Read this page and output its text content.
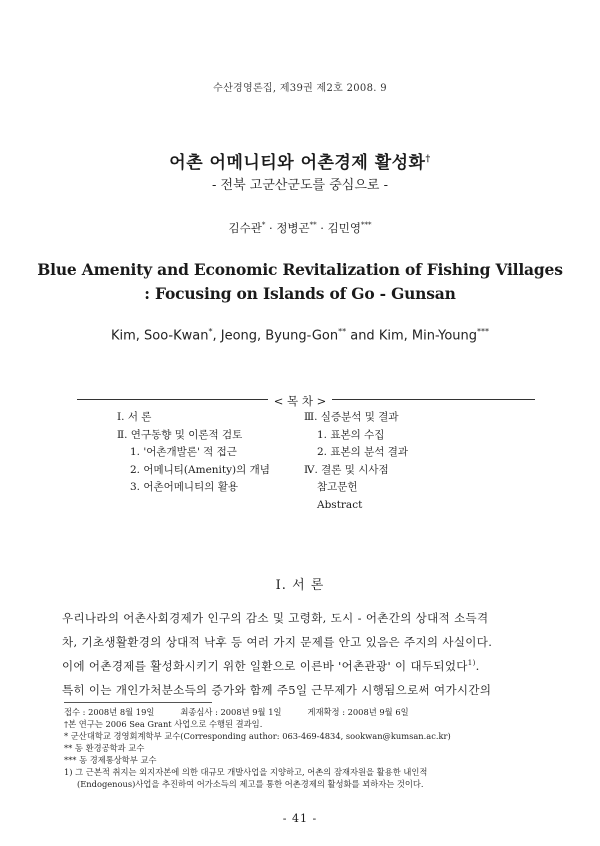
수산경영론집, 제39권 제2호 2008. 9
어촌 어메니티와 어촌경제 활성화†
- 전북 고군산군도를 중심으로 -
김수관* · 정병곤** · 김민영***
Blue Amenity and Economic Revitalization of Fishing Villages
: Focusing on Islands of Go - Gunsan
Kim, Soo-Kwan*, Jeong, Byung-Gon** and Kim, Min-Young***
< 목 차 >
Ⅰ. 서 론
Ⅱ. 연구동향 및 이론적 검토
1. '어촌개발론' 적 접근
2. 어메니티(Amenity)의 개념
3. 어촌어메니티의 활용
Ⅲ. 실증분석 및 결과
1. 표본의 수집
2. 표본의 분석 결과
Ⅳ. 결론 및 시사점
참고문헌
Abstract
Ⅰ. 서 론
우리나라의 어촌사회경제가 인구의 감소 및 고령화, 도시 - 어촌간의 상대적 소득격
차, 기초생활환경의 상대적 낙후 등 여러 가지 문제를 안고 있음은 주지의 사실이다.
이에 어촌경제를 활성화시키기 위한 일환으로 이른바 '어촌관광' 이 대두되었다$^{1)}$.
특히 이는 개인가처분소득의 증가와 함께 주5일 근무제가 시행됨으로써 여가시간의
접수 : 2008년 8월 19일	최종심사 : 2008년 9월 1일	게재확정 : 2008년 9월 6일
†본 연구는 2006 Sea Grant 사업으로 수행된 결과임.
* 군산대학교 경영회계학부 교수(Corresponding author: 063-469-4834, sookwan@kumsan.ac.kr)
** 동 환경공학과 교수
*** 동 경제통상학부 교수
1) 그 근본적 취지는 외지자본에 의한 대규모 개발사업을 지양하고, 어촌의 잠재자원을 활용한 내인적
(Endogenous)사업을 추진하여 어가소득의 제고를 통한 어촌경제의 활성화를 꾀하자는 것이다.
- 41 -
